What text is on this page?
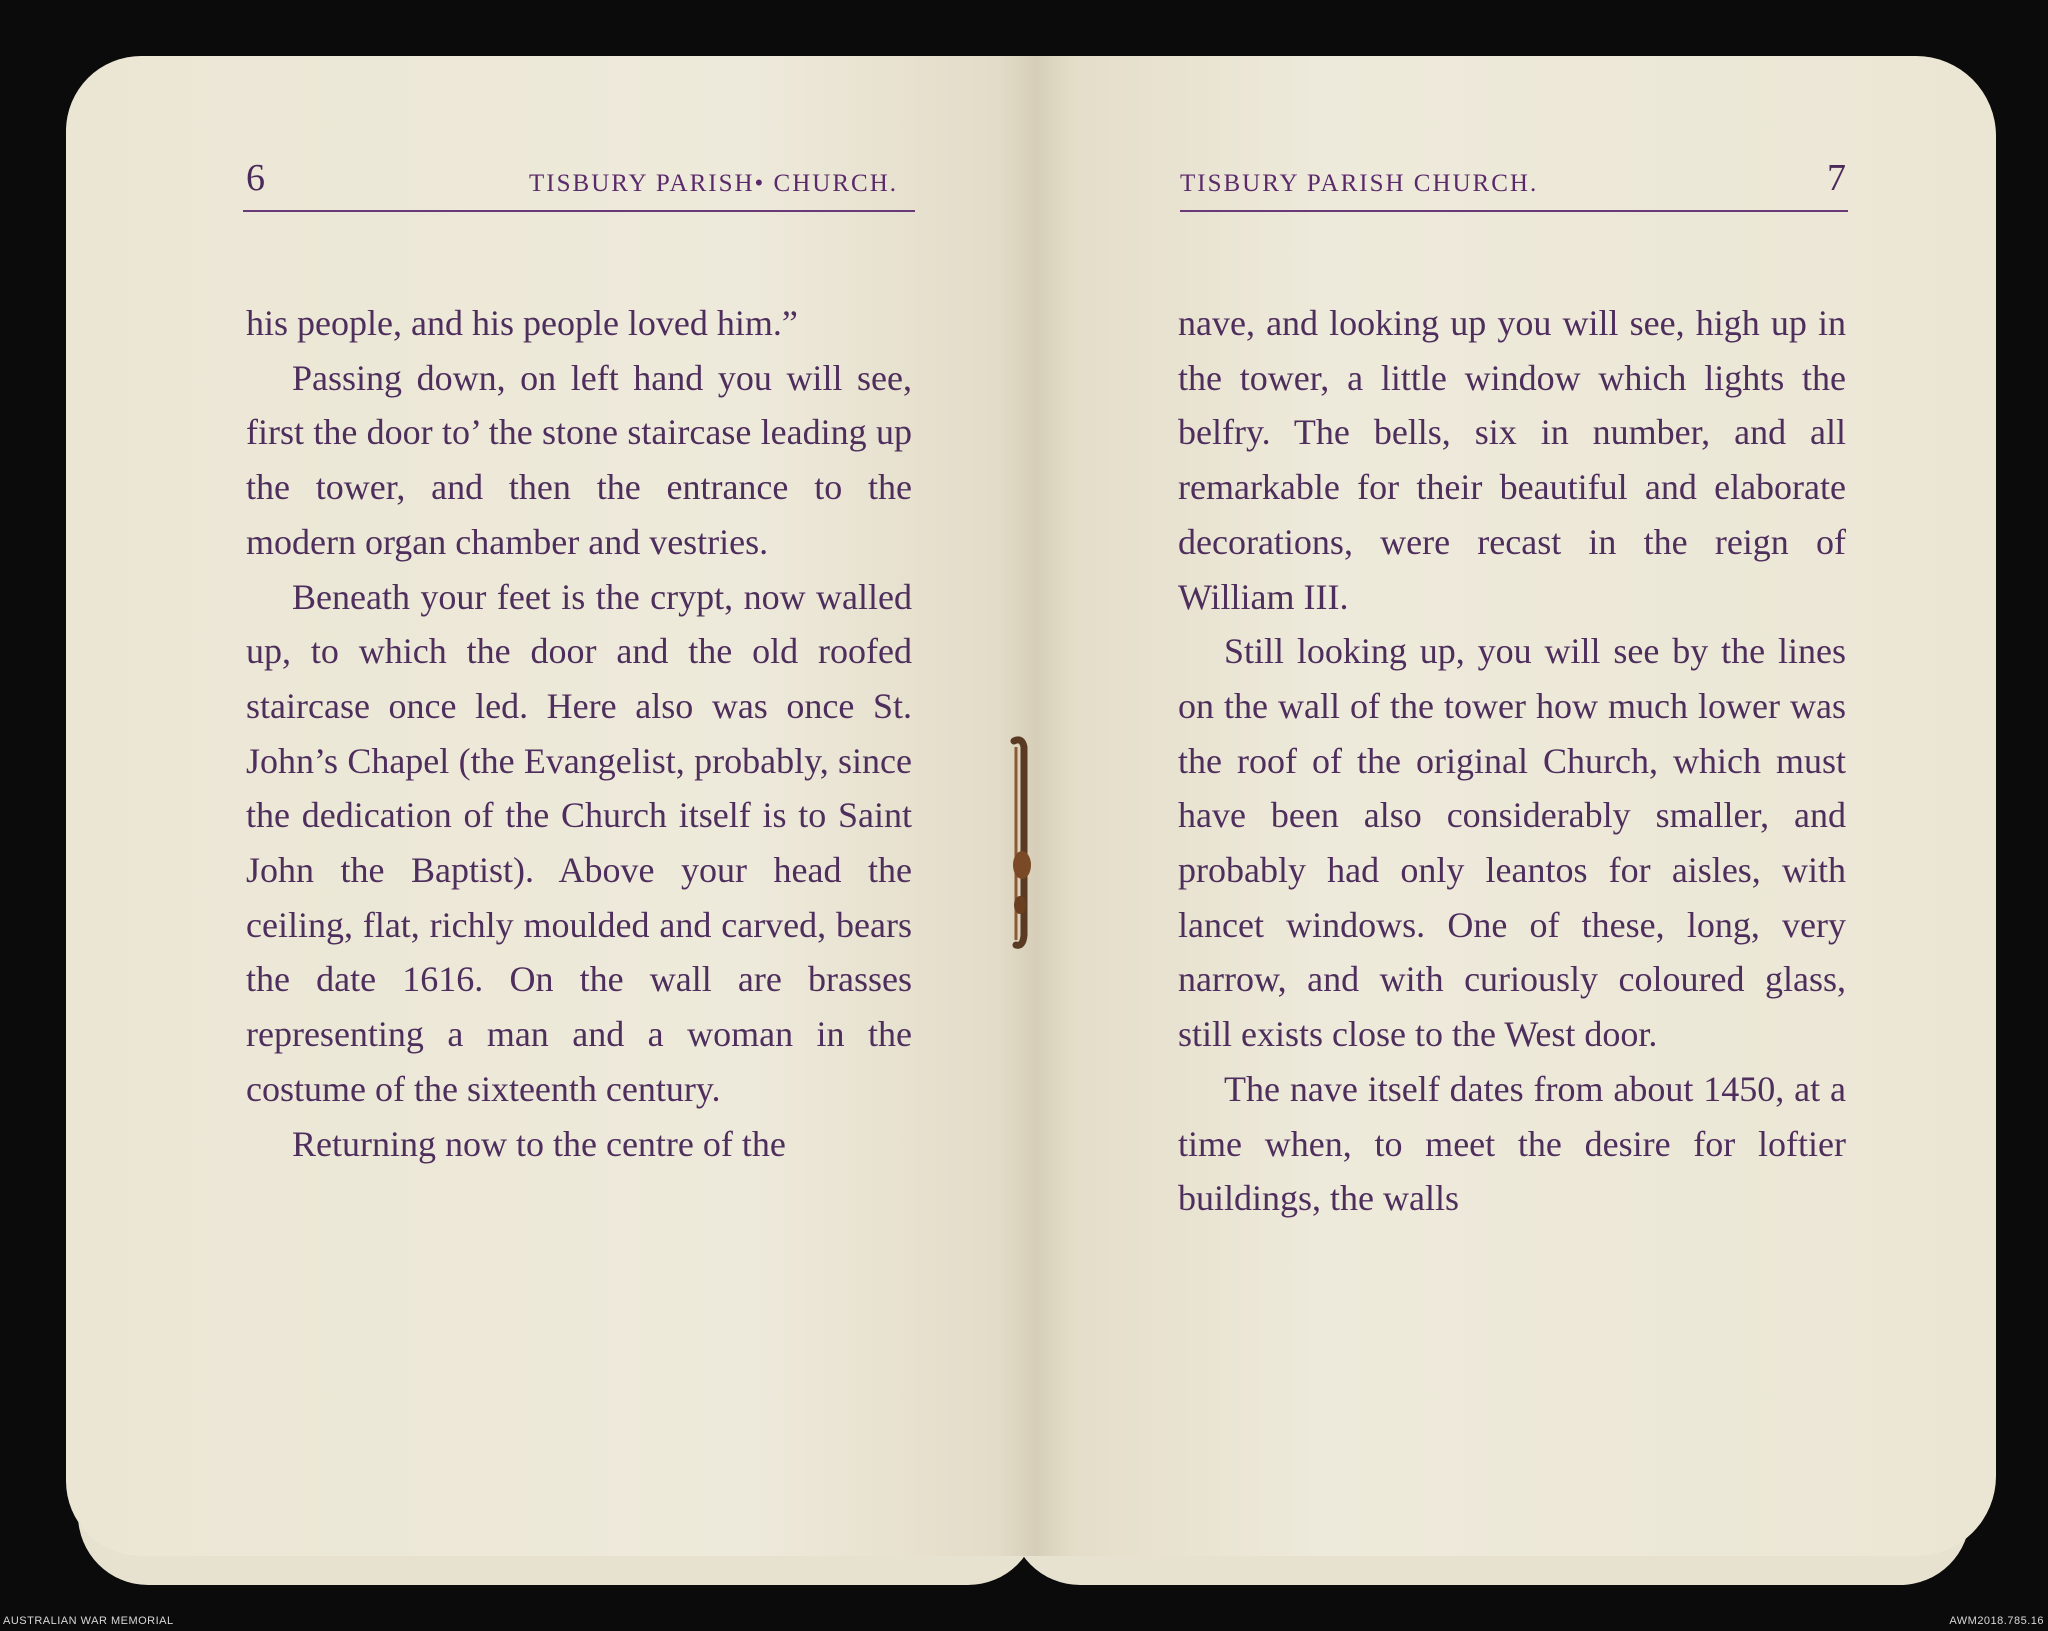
6	TISBURY PARISH• CHURCH.	TISBURY PARISH CHURCH.	7

his people, and his people loved him.”

Passing down, on left hand you will see, first the door to’ the stone staircase leading up the tower, and then the entrance to the modern organ chamber and vestries.

Beneath your feet is the crypt, now walled up, to which the door and the old roofed staircase once led. Here also was once St. John’s Chapel (the Evangelist, probably, since the dedication of the Church itself is to Saint John the Baptist). Above your head the ceiling, flat, richly moulded and carved, bears the date 1616. On the wall are brasses representing a man and a woman in the costume of the sixteenth century.

Returning now to the centre of the

nave, and looking up you will see, high up in the tower, a little window which lights the belfry. The bells, six in number, and all remarkable for their beautiful and elaborate decorations, were recast in the reign of William III.

Still looking up, you will see by the lines on the wall of the tower how much lower was the roof of the original Church, which must have been also considerably smaller, and probably had only leantos for aisles, with lancet windows. One of these, long, very narrow, and with curiously coloured glass, still exists close to the West door.

The nave itself dates from about 1450, at a time when, to meet the desire for loftier buildings, the walls

AUSTRALIAN WAR MEMORIAL	AWM2018.785.16
